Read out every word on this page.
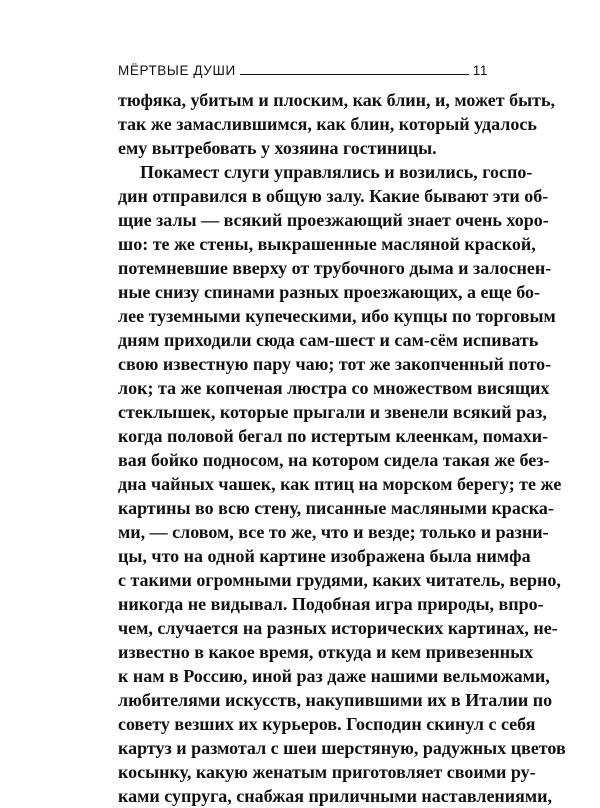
МЁРТВЫЕ ДУШИ	11
тюфяка, убитым и плоским, как блин, и, может быть,
так же замаслившимся, как блин, который удалось
ему вытребовать у хозяина гостиницы.
Покамест слуги управлялись и возились, госпо-
дин отправился в общую залу. Какие бывают эти об-
щие залы — всякий проезжающий знает очень хоро-
шо: те же стены, выкрашенные масляной краской,
потемневшие вверху от трубочного дыма и залоснен-
ные снизу спинами разных проезжающих, а еще бо-
лее туземными купеческими, ибо купцы по торговым
дням приходили сюда сам-шест и сам-сём испивать
свою известную пару чаю; тот же закопченный пото-
лок; та же копченая люстра со множеством висящих
стеклышек, которые прыгали и звенели всякий раз,
когда половой бегал по истертым клеенкам, помахи-
вая бойко подносом, на котором сидела такая же без-
дна чайных чашек, как птиц на морском берегу; те же
картины во всю стену, писанные масляными краска-
ми, — словом, все то же, что и везде; только и разни-
цы, что на одной картине изображена была нимфа
с такими огромными грудями, каких читатель, верно,
никогда не видывал. Подобная игра природы, впро-
чем, случается на разных исторических картинах, не-
известно в какое время, откуда и кем привезенных
к нам в Россию, иной раз даже нашими вельможами,
любителями искусств, накупившими их в Италии по
совету везших их курьеров. Господин скинул с себя
картуз и размотал с шеи шерстяную, радужных цветов
косынку, какую женатым приготовляет своими ру-
ками супруга, снабжая приличными наставлениями,
